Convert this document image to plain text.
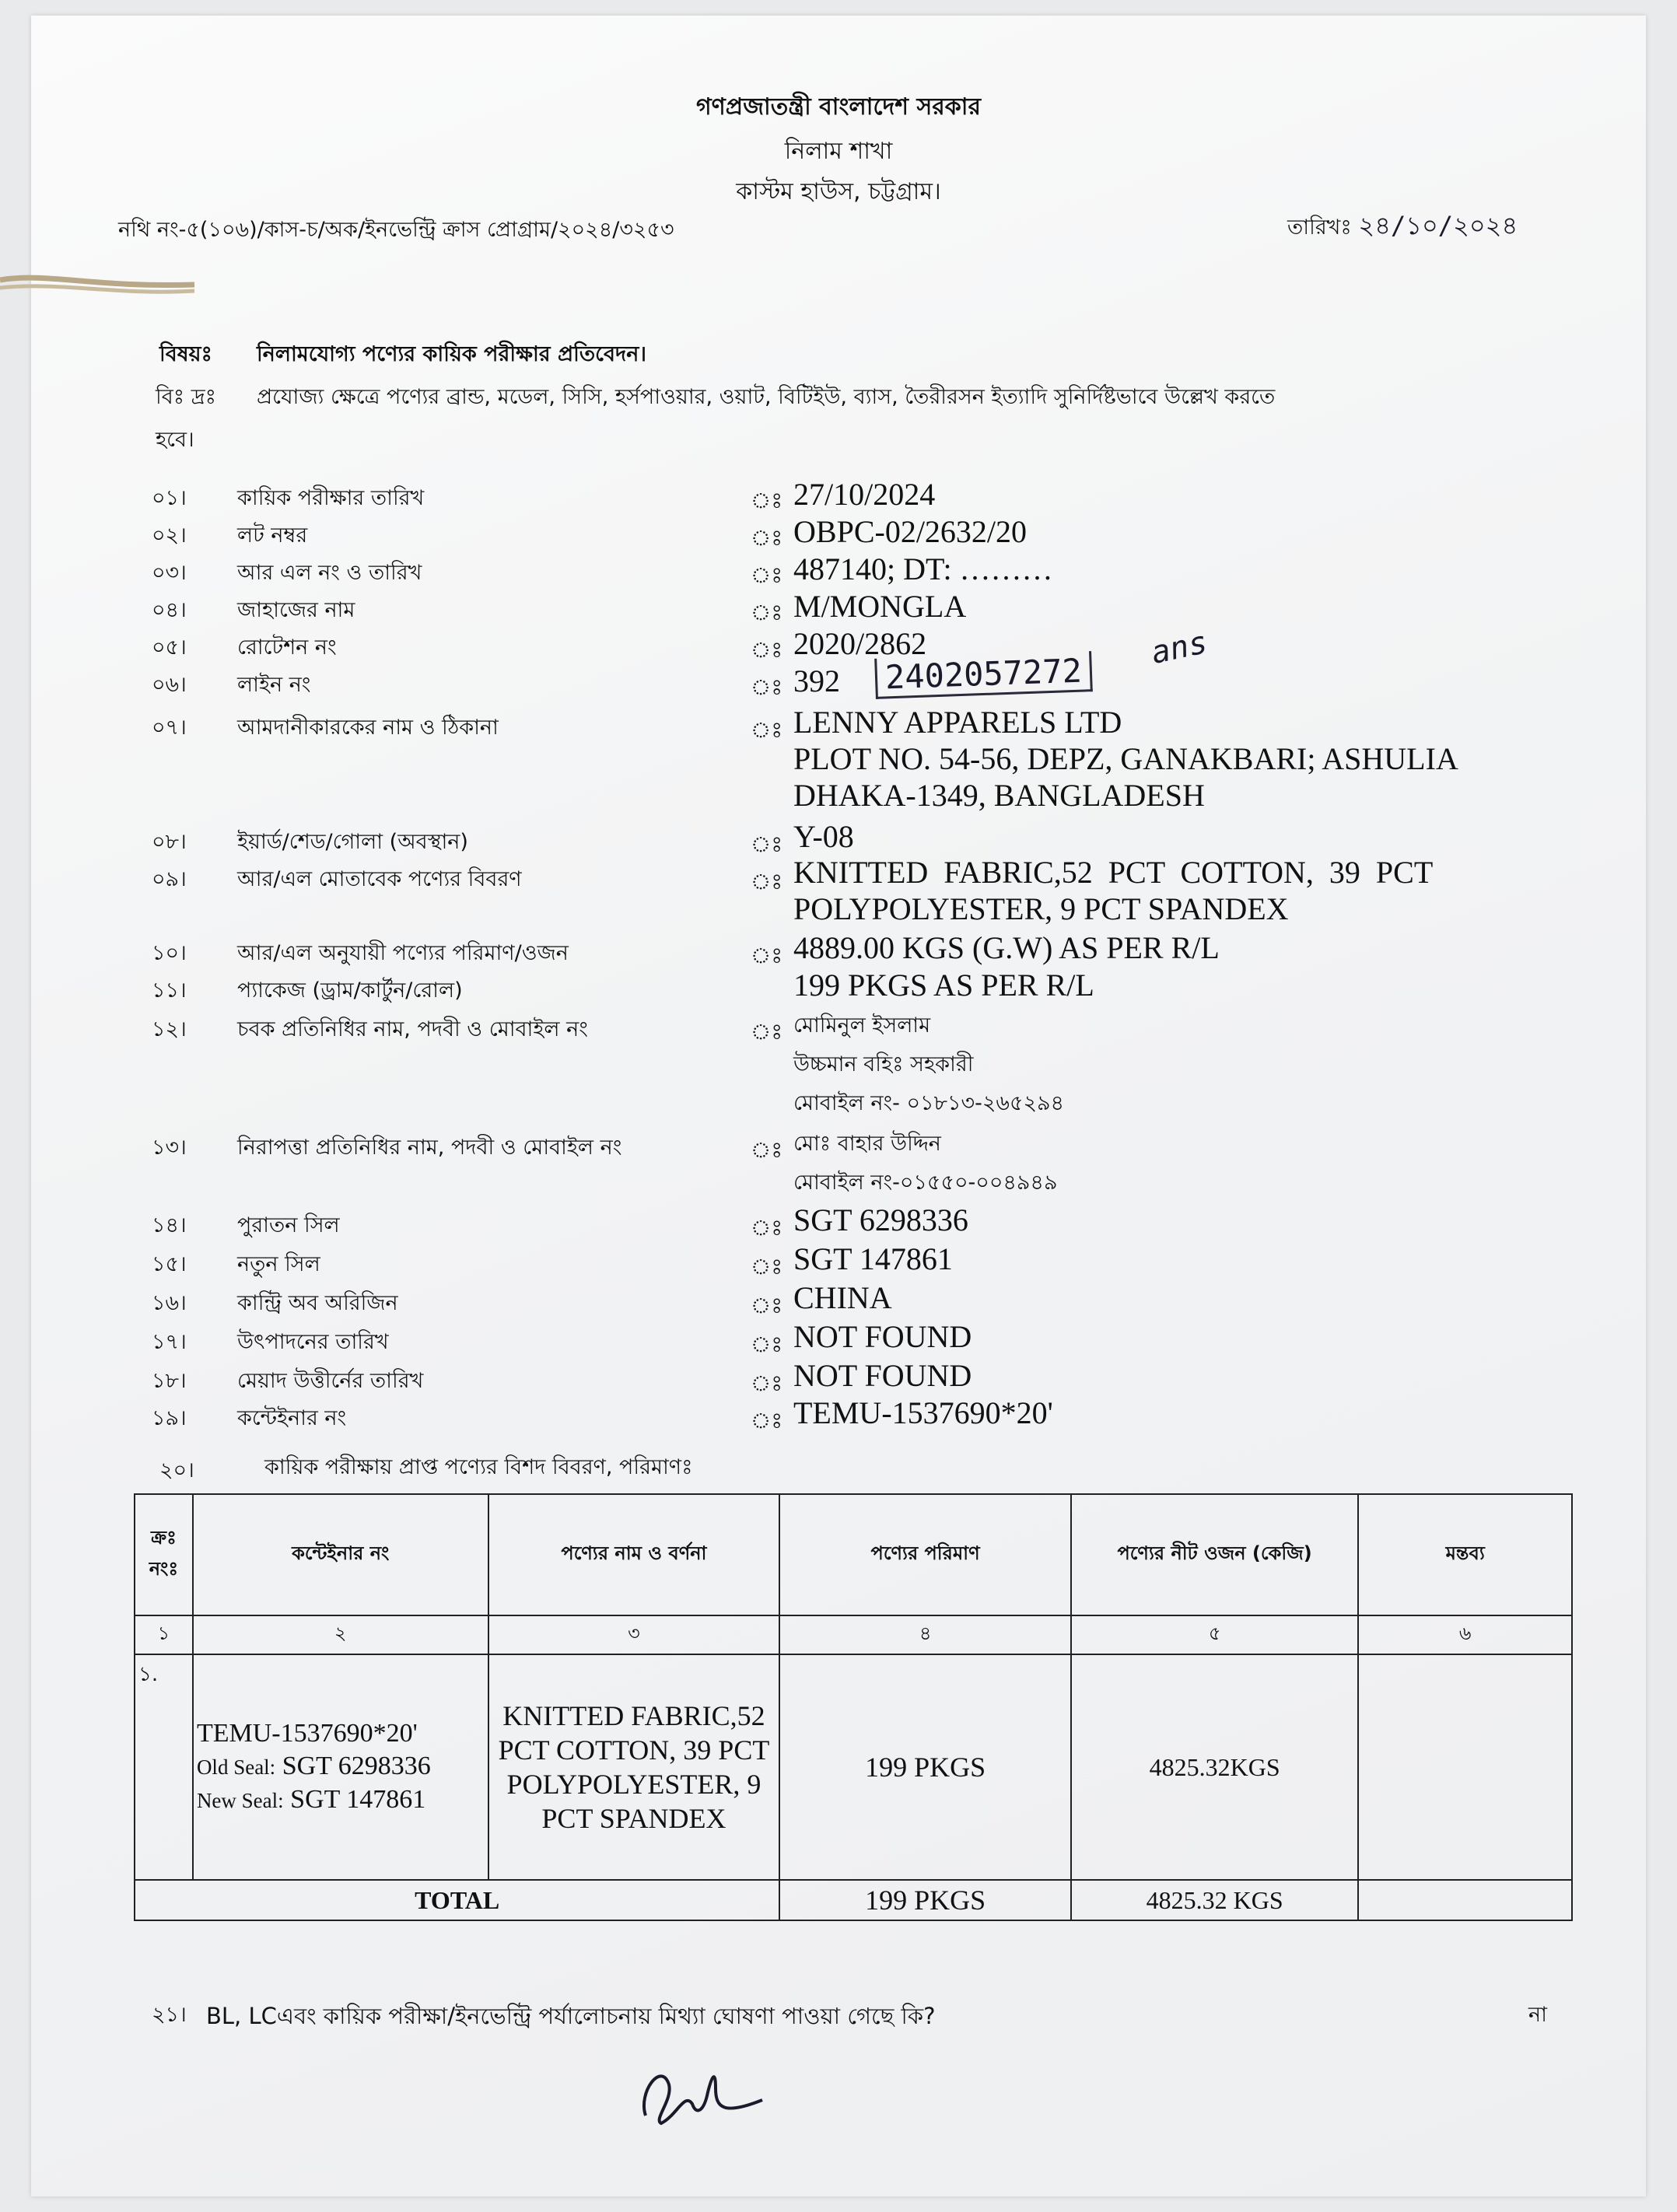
গণপ্রজাতন্ত্রী বাংলাদেশ সরকার
নিলাম শাখা
কাস্টম হাউস, চট্টগ্রাম।
নথি নং-৫(১০৬)/কাস-চ/অক/ইনভেন্ট্রি ক্রাস প্রোগ্রাম/২০২৪/৩২৫৩	তারিখঃ ২৪/১০/২০২৪
বিষয়ঃ নিলামযোগ্য পণ্যের কায়িক পরীক্ষার প্রতিবেদন।
বিঃ দ্রঃ প্রযোজ্য ক্ষেত্রে পণ্যের ব্রান্ড, মডেল, সিসি, হর্সপাওয়ার, ওয়াট, বিটিইউ, ব্যাস, তৈরীরসন ইত্যাদি সুনির্দিষ্টভাবে উল্লেখ করতে
হবে।
০১। কায়িক পরীক্ষার তারিখ	ঃ 27/10/2024
০২। লট নম্বর	ঃ OBPC-02/2632/20
০৩। আর এল নং ও তারিখ	ঃ 487140; DT: ………
০৪। জাহাজের নাম	ঃ M/MONGLA
০৫। রোটেশন নং	ঃ 2020/2862
০৬। লাইন নং	ঃ 392	2402057272
ans
০৭। আমদানীকারকের নাম ও ঠিকানা	ঃ LENNY APPARELS LTD
PLOT NO. 54-56, DEPZ, GANAKBARI; ASHULIA
DHAKA-1349, BANGLADESH
০৮। ইয়ার্ড/শেড/গোলা (অবস্থান)	ঃ Y-08
০৯। আর/এল মোতাবেক পণ্যের বিবরণ	ঃ KNITTED  FABRIC,52  PCT  COTTON,  39  PCT
POLYPOLYESTER, 9 PCT SPANDEX
১০। আর/এল অনুযায়ী পণ্যের পরিমাণ/ওজন	ঃ 4889.00 KGS (G.W) AS PER R/L
১১। প্যাকেজ (ড্রাম/কার্টুন/রোল)	199 PKGS AS PER R/L
১২। চবক প্রতিনিধির নাম, পদবী ও মোবাইল নং	ঃ মোমিনুল ইসলাম
উচ্চমান বহিঃ সহকারী
মোবাইল নং- ০১৮১৩-২৬৫২৯৪
১৩। নিরাপত্তা প্রতিনিধির নাম, পদবী ও মোবাইল নং	ঃ মোঃ বাহার উদ্দিন
মোবাইল নং-০১৫৫০-০০৪৯৪৯
১৪। পুরাতন সিল	ঃ SGT 6298336
১৫। নতুন সিল	ঃ SGT 147861
১৬। কান্ট্রি অব অরিজিন	ঃ CHINA
১৭। উৎপাদনের তারিখ	ঃ NOT FOUND
১৮। মেয়াদ উত্তীর্নের তারিখ	ঃ NOT FOUND
১৯। কন্টেইনার নং	ঃ TEMU-1537690*20'
২০।	কায়িক পরীক্ষায় প্রাপ্ত পণ্যের বিশদ বিবরণ, পরিমাণঃ
ক্রঃ নংঃ	কন্টেইনার নং	পণ্যের নাম ও বর্ণনা	পণ্যের পরিমাণ	পণ্যের নীট ওজন (কেজি)	মন্তব্য
১	২	৩	৪	৫	৬
১.	TEMU-1537690*20'
Old Seal: SGT 6298336
New Seal: SGT 147861	KNITTED FABRIC,52 PCT COTTON, 39 PCT POLYPOLYESTER, 9 PCT SPANDEX	199 PKGS	4825.32KGS	
TOTAL			199 PKGS	4825.32 KGS	
২১। BL, LCএবং কায়িক পরীক্ষা/ইনভেন্ট্রি পর্যালোচনায় মিথ্যা ঘোষণা পাওয়া গেছে কি?	না
